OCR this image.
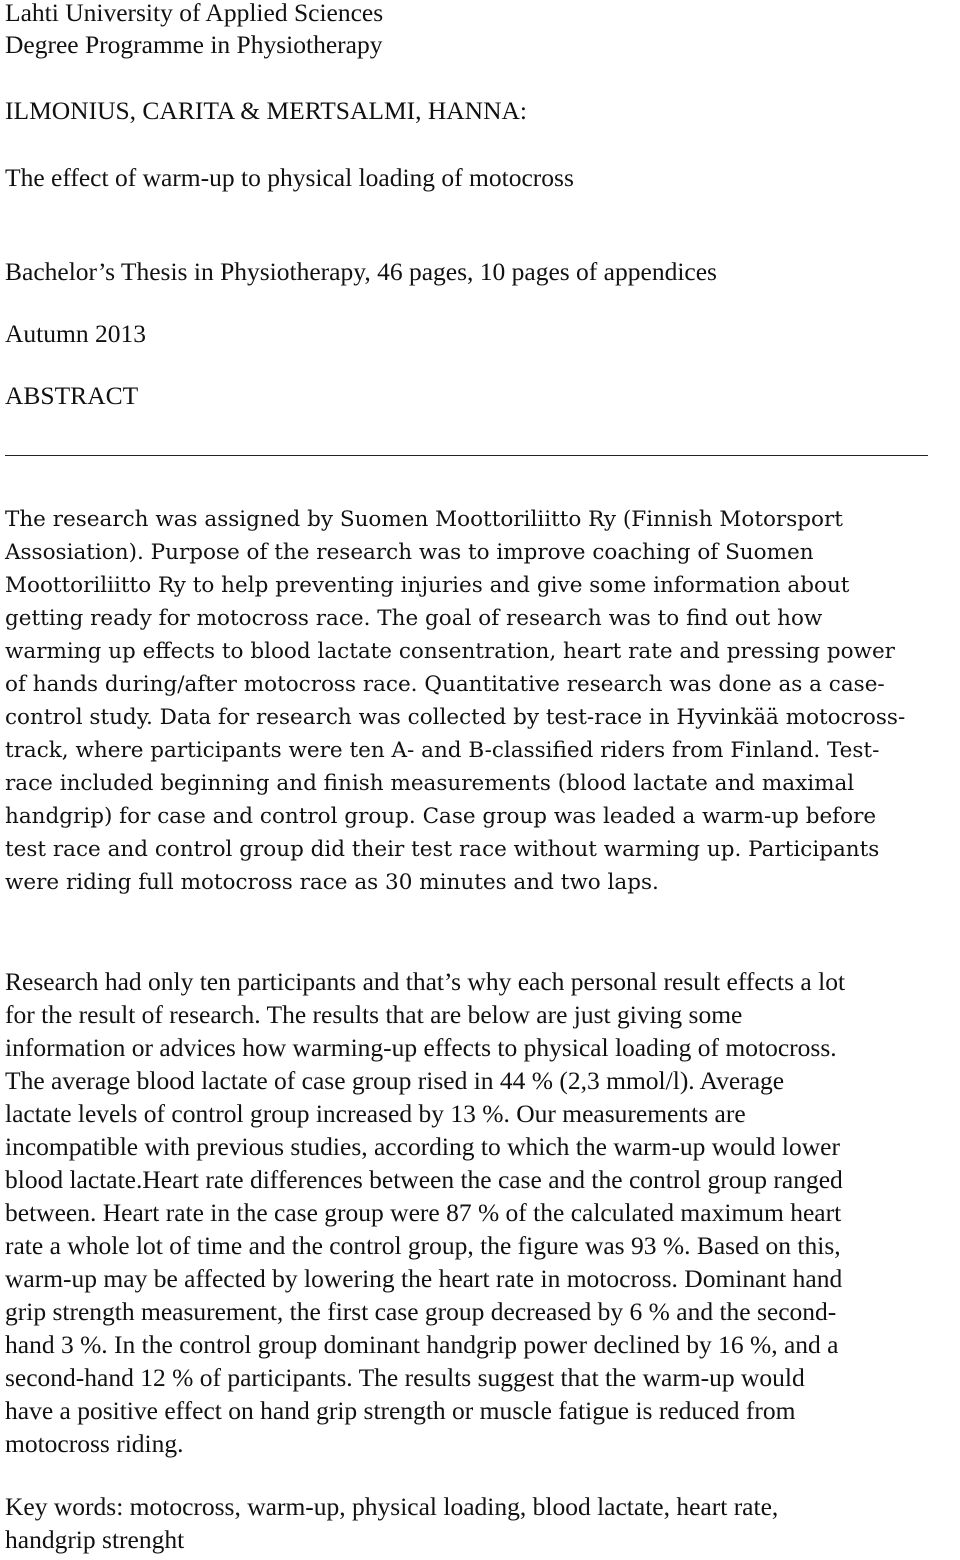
Lahti University of Applied Sciences
Degree Programme in Physiotherapy
ILMONIUS, CARITA & MERTSALMI, HANNA:
The effect of warm-up to physical loading of motocross
Bachelor’s Thesis in Physiotherapy, 46 pages, 10 pages of appendices
Autumn 2013
ABSTRACT
The research was assigned by Suomen Moottoriliitto Ry (Finnish Motorsport
Assosiation). Purpose of the research was to improve coaching of Suomen
Moottoriliitto Ry to help preventing injuries and give some information about
getting ready for motocross race. The goal of research was to find out how
warming up effects to blood lactate consentration, heart rate and pressing power
of hands during/after motocross race. Quantitative research was done as a case-
control study. Data for research was collected by test-race in Hyvinkää motocross-
track, where participants were ten A- and B-classified riders from Finland. Test-
race included beginning and finish measurements (blood lactate and maximal
handgrip) for case and control group. Case group was leaded a warm-up before
test race and control group did their test race without warming up. Participants
were riding full motocross race as 30 minutes and two laps.
Research had only ten participants and that’s why each personal result effects a lot
for the result of research. The results that are below are just giving some
information or advices how warming-up effects to physical loading of motocross.
The average blood lactate of case group rised in 44 % (2,3 mmol/l). Average
lactate levels of control group increased by 13 %. Our measurements are
incompatible with previous studies, according to which the warm-up would lower
blood lactate.Heart rate differences between the case and the control group ranged
between. Heart rate in the case group were 87 % of the calculated maximum heart
rate a whole lot of time and the control group, the figure was 93 %. Based on this,
warm-up may be affected by lowering the heart rate in motocross. Dominant hand
grip strength measurement, the first case group decreased by 6 % and the second-
hand 3 %. In the control group dominant handgrip power declined by 16 %, and a
second-hand 12 % of participants. The results suggest that the warm-up would
have a positive effect on hand grip strength or muscle fatigue is reduced from
motocross riding.
Key words: motocross, warm-up, physical loading, blood lactate, heart rate,
handgrip strenght
